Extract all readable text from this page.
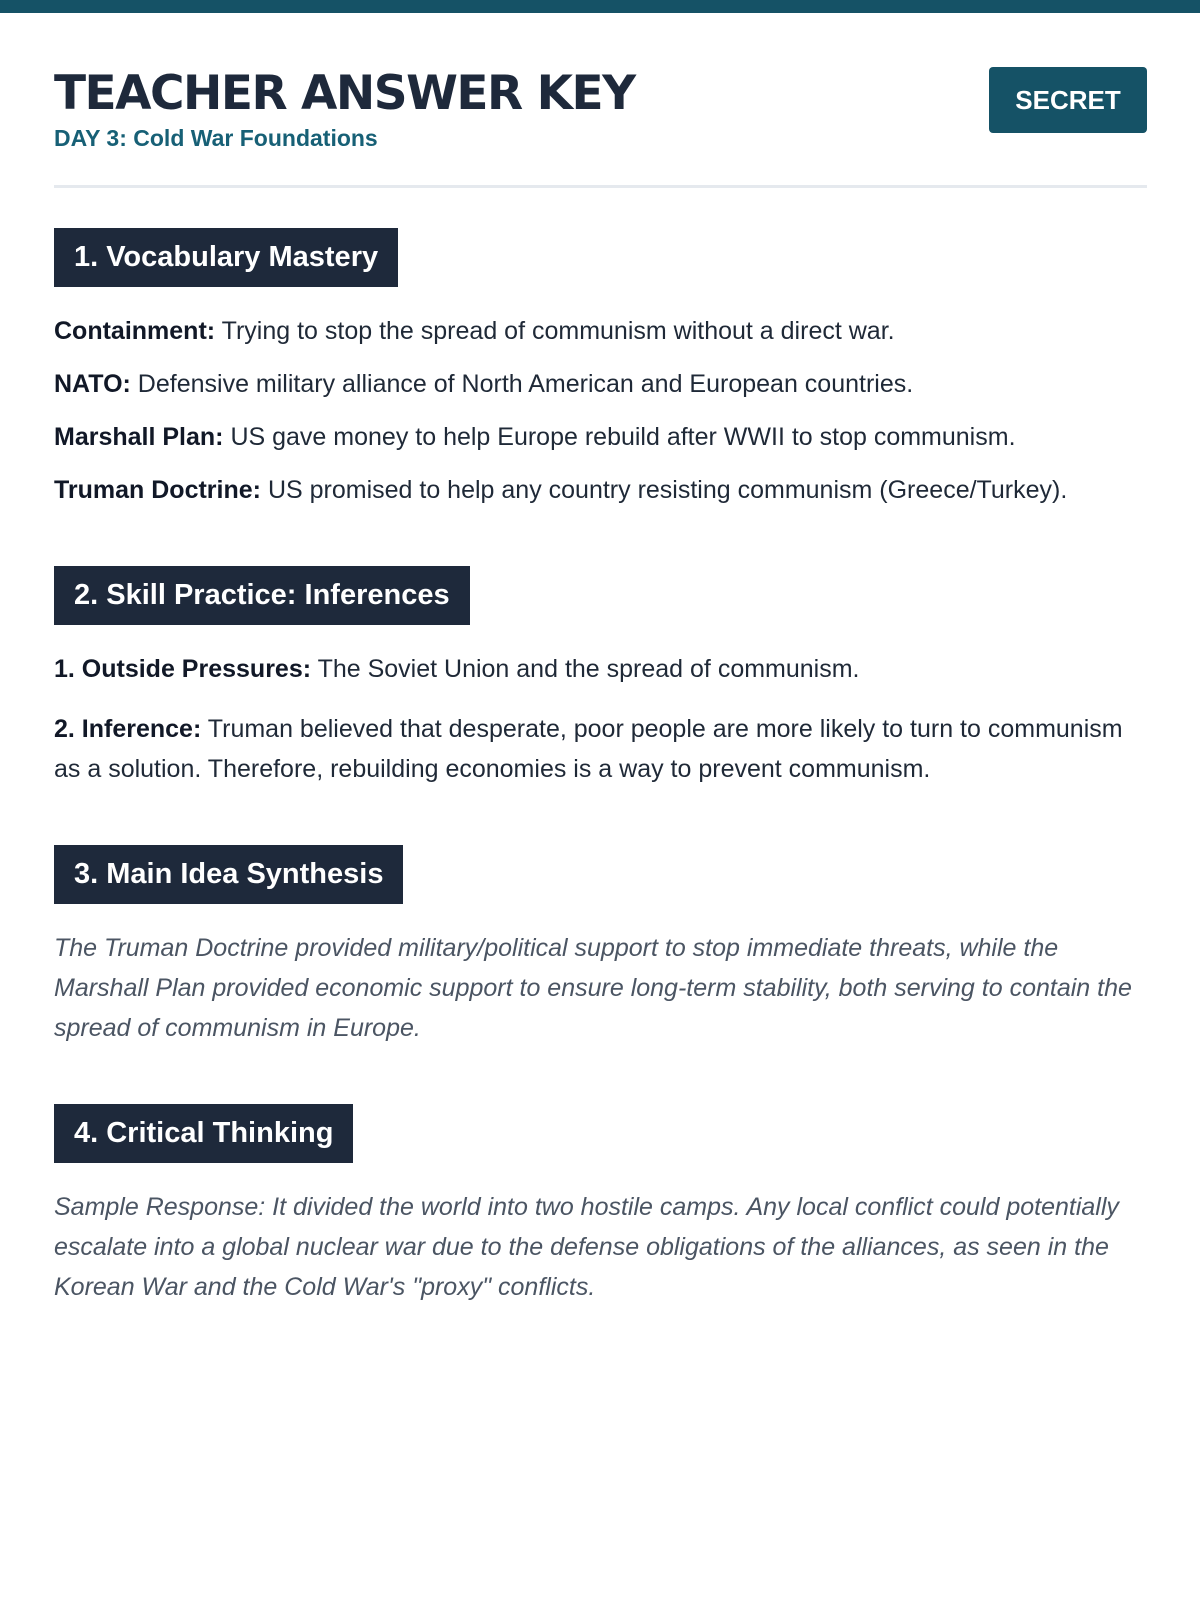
TEACHER ANSWER KEY
DAY 3: Cold War Foundations
SECRET
1. Vocabulary Mastery
Containment: Trying to stop the spread of communism without a direct war.
NATO: Defensive military alliance of North American and European countries.
Marshall Plan: US gave money to help Europe rebuild after WWII to stop communism.
Truman Doctrine: US promised to help any country resisting communism (Greece/Turkey).
2. Skill Practice: Inferences
1. Outside Pressures: The Soviet Union and the spread of communism.
2. Inference: Truman believed that desperate, poor people are more likely to turn to communism as a solution. Therefore, rebuilding economies is a way to prevent communism.
3. Main Idea Synthesis
The Truman Doctrine provided military/political support to stop immediate threats, while the Marshall Plan provided economic support to ensure long-term stability, both serving to contain the spread of communism in Europe.
4. Critical Thinking
Sample Response: It divided the world into two hostile camps. Any local conflict could potentially escalate into a global nuclear war due to the defense obligations of the alliances, as seen in the Korean War and the Cold War's "proxy" conflicts.
